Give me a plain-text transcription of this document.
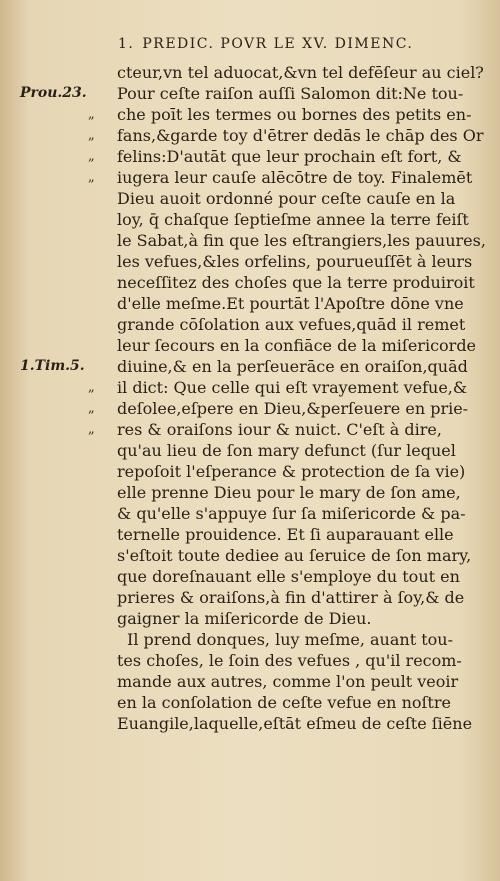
1. PREDIC. POVR LE XV. DIMENC.
cteur,vn tel aduocat,&vn tel defēſeur au ciel?
Prou.23. Pour ceſte raiſon auſſi Salomon dit:Ne tou-
„ che poīt les termes ou bornes des petits en-
„ fans,&garde toy d'ētrer dedās le chāp des Or
„ felins:D'autāt que leur prochain eſt fort, &
„ iugera leur cauſe alēcōtre de toy. Finalemēt
Dieu auoit ordonné pour ceſte cauſe en la
loy, q̄ chaſque ſeptieſme annee la terre feiſt
le Sabat,à fin que les eſtrangiers,les pauures,
les vefues,&les orfelins, pourueuſſēt à leurs
neceſſitez des choſes que la terre produiroit
d'elle meſme.Et pourtāt l'Apoſtre dōne vne
grande cōſolation aux vefues,quād il remet
leur ſecours en la confiāce de la miſericorde
1.Tim.5. diuine,& en la perſeuerāce en oraiſon,quād
„ il dict: Que celle qui eſt vrayement vefue,&
„ deſolee,eſpere en Dieu,&perſeuere en prie-
„ res & oraiſons iour & nuict. C'eſt à dire,
qu'au lieu de ſon mary defunct (ſur lequel
repoſoit l'eſperance & protection de ſa vie)
elle prenne Dieu pour le mary de ſon ame,
& qu'elle s'appuye ſur ſa miſericorde & pa-
ternelle prouidence. Et ſi auparauant elle
s'eſtoit toute dediee au ſeruice de ſon mary,
que doreſnauant elle s'employe du tout en
prieres & oraiſons,à fin d'attirer à ſoy,& de
gaigner la miſericorde de Dieu.
Il prend donques, luy meſme, auant tou-
tes choſes, le ſoin des vefues , qu'il recom-
mande aux autres, comme l'on peult veoir
en la conſolation de ceſte vefue en noſtre
Euangile,laquelle,eſtāt eſmeu de ceſte ſiēne
